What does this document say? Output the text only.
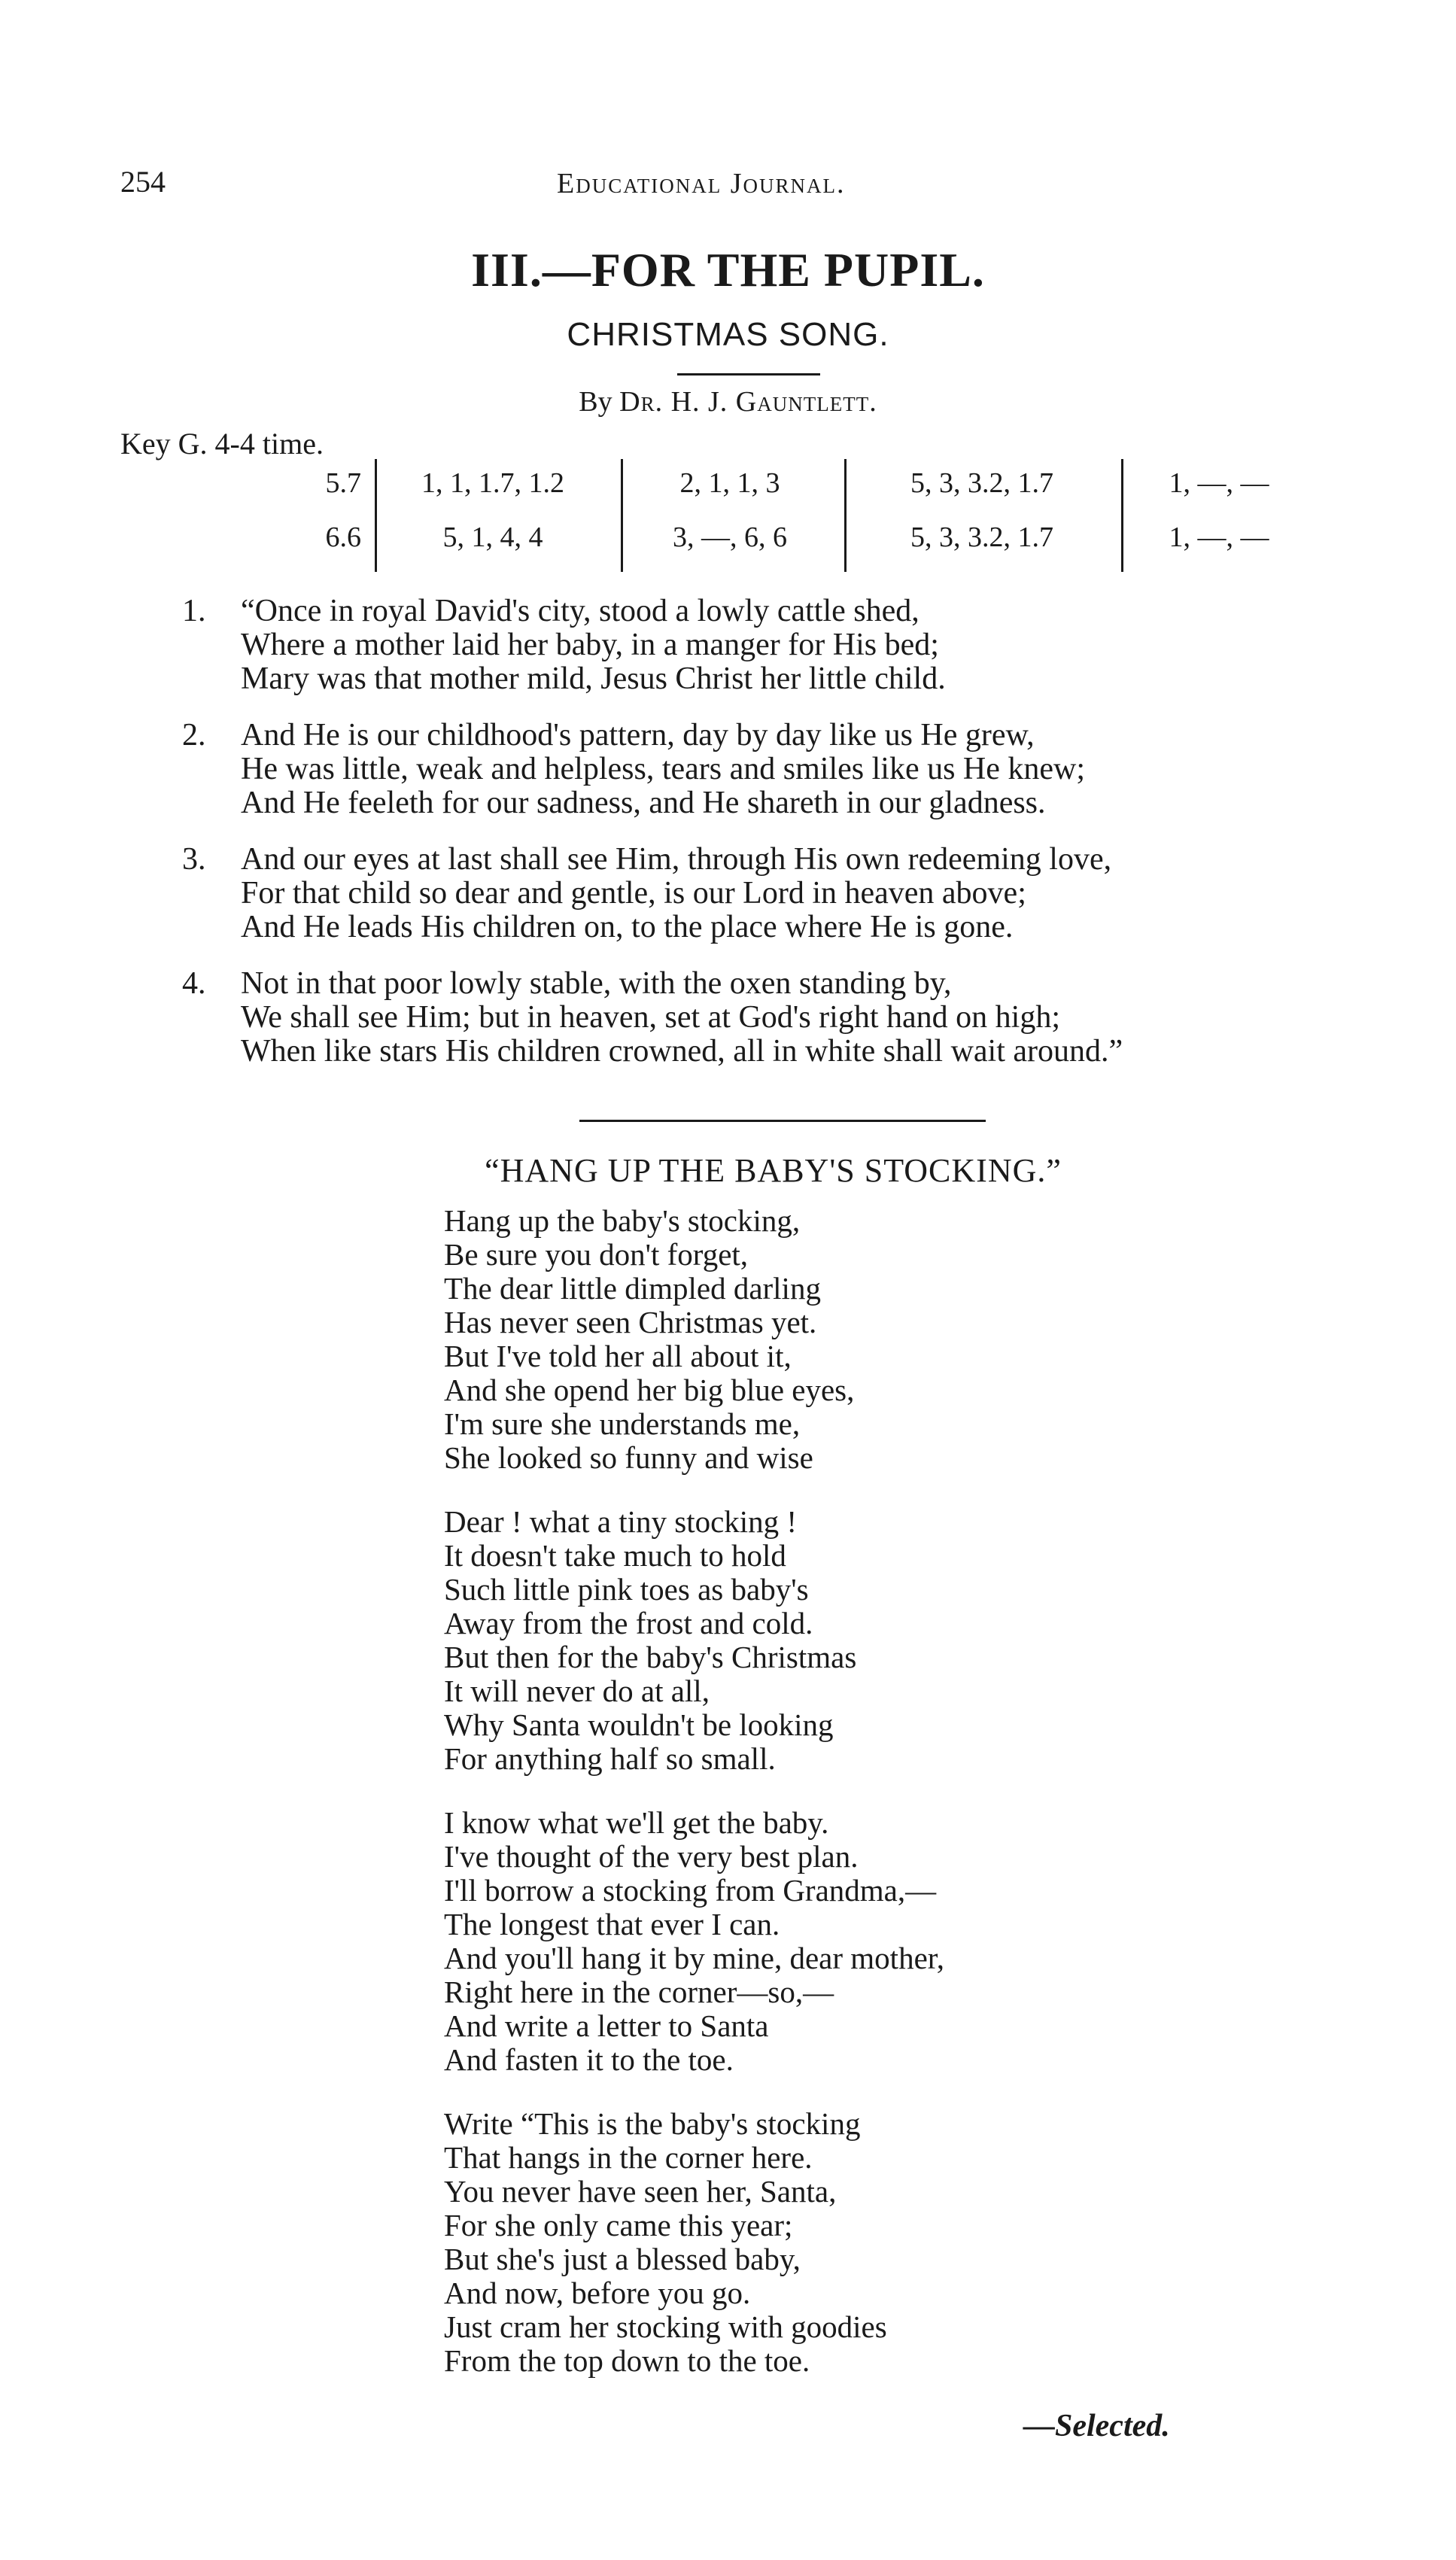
254	Educational Journal.
III.—FOR THE PUPIL.
CHRISTMAS SONG.
By Dr. H. J. Gauntlett.
Key G. 4-4 time.
5.7	1, 1, 1.7, 1.2	2, 1, 1, 3	5, 3, 3.2, 1.7	1, —, —
6.6	5, 1, 4, 4	3, —, 6, 6	5, 3, 3.2, 1.7	1, —, —
1.	“Once in royal David's city, stood a lowly cattle shed,
Where a mother laid her baby, in a manger for His bed;
Mary was that mother mild, Jesus Christ her little child.
2.	And He is our childhood's pattern, day by day like us He grew,
He was little, weak and helpless, tears and smiles like us He knew;
And He feeleth for our sadness, and He shareth in our gladness.
3.	And our eyes at last shall see Him, through His own redeeming love,
For that child so dear and gentle, is our Lord in heaven above;
And He leads His children on, to the place where He is gone.
4.	Not in that poor lowly stable, with the oxen standing by,
We shall see Him; but in heaven, set at God's right hand on high;
When like stars His children crowned, all in white shall wait around.”
“HANG UP THE BABY'S STOCKING.”
Hang up the baby's stocking,
Be sure you don't forget,
The dear little dimpled darling
Has never seen Christmas yet.
But I've told her all about it,
And she opend her big blue eyes,
I'm sure she understands me,
She looked so funny and wise
Dear ! what a tiny stocking !
It doesn't take much to hold
Such little pink toes as baby's
Away from the frost and cold.
But then for the baby's Christmas
It will never do at all,
Why Santa wouldn't be looking
For anything half so small.
I know what we'll get the baby.
I've thought of the very best plan.
I'll borrow a stocking from Grandma,—
The longest that ever I can.
And you'll hang it by mine, dear mother,
Right here in the corner—so,—
And write a letter to Santa
And fasten it to the toe.
Write “This is the baby's stocking
That hangs in the corner here.
You never have seen her, Santa,
For she only came this year;
But she's just a blessed baby,
And now, before you go.
Just cram her stocking with goodies
From the top down to the toe.
—Selected.
